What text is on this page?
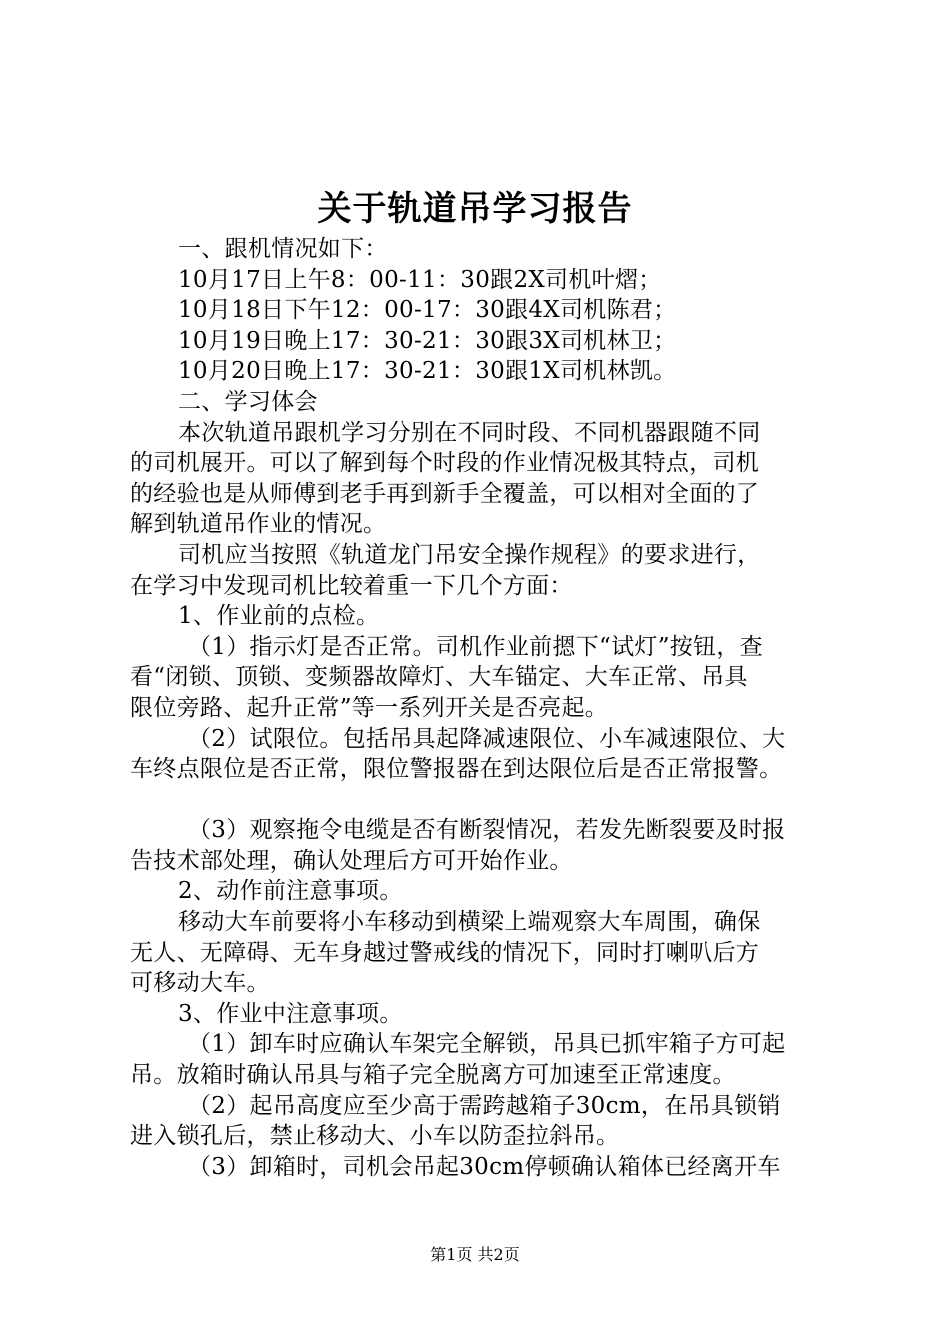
关于轨道吊学习报告

一、跟机情况如下：

10月17日上午8：00-11：30跟2X司机叶熠；

10月18日下午12：00-17：30跟4X司机陈君；

10月19日晚上17：30-21：30跟3X司机林卫；

10月20日晚上17：30-21：30跟1X司机林凯。

二、学习体会

本次轨道吊跟机学习分别在不同时段、不同机器跟随不同

的司机展开。可以了解到每个时段的作业情况极其特点，司机

的经验也是从师傅到老手再到新手全覆盖，可以相对全面的了

解到轨道吊作业的情况。

司机应当按照《轨道龙门吊安全操作规程》的要求进行，

在学习中发现司机比较着重一下几个方面：

1、作业前的点检。

（1）指示灯是否正常。司机作业前摁下“试灯”按钮，查

看“闭锁、顶锁、变频器故障灯、大车锚定、大车正常、吊具

限位旁路、起升正常”等一系列开关是否亮起。

（2）试限位。包括吊具起降减速限位、小车减速限位、大

车终点限位是否正常，限位警报器在到达限位后是否正常报警。

（3）观察拖令电缆是否有断裂情况，若发先断裂要及时报

告技术部处理，确认处理后方可开始作业。

2、动作前注意事项。

移动大车前要将小车移动到横梁上端观察大车周围，确保

无人、无障碍、无车身越过警戒线的情况下，同时打喇叭后方

可移动大车。

3、作业中注意事项。

（1）卸车时应确认车架完全解锁，吊具已抓牢箱子方可起

吊。放箱时确认吊具与箱子完全脱离方可加速至正常速度。

（2）起吊高度应至少高于需跨越箱子30cm，在吊具锁销

进入锁孔后，禁止移动大、小车以防歪拉斜吊。

（3）卸箱时，司机会吊起30cm停顿确认箱体已经离开车

第1页 共2页
